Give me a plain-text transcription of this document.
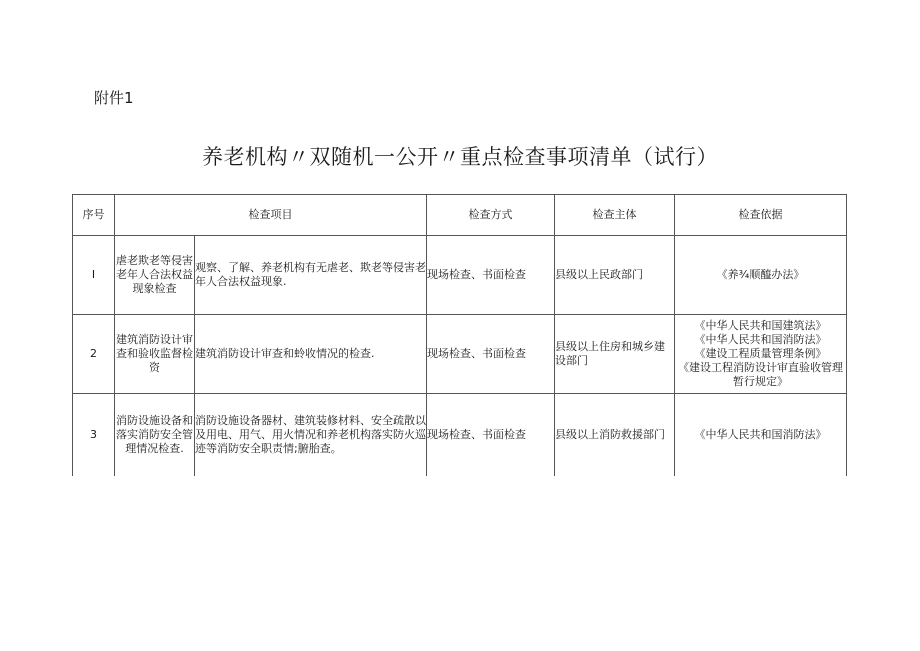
附件1
养老机构〃双随机一公开〃重点检查事项清单（试行）
序号	检查项目		检查方式	检查主体	检查依据
I	虐老欺老等侵害老年人合法权益现象检查	观察、了解、养老机构有无虐老、欺老等侵害老年人合法权益现象.	现场检查、书面检查	县级以上民政部门	《养¾顺醯办法》

2	建筑消防设计审查和验收监督检资	建筑消防设计审查和蛉收情况的检查.	现场检查、书面检查	县级以上住房和城乡建设部门	《中华人民共和国建筑法》
《中华人民共和国消防法》
《建设工程质量管理条例》
《建设工程消防设计审直验收管理暂行规定》

3	消防设施设备和落实消防安全管理情况检查.	消防设施设备器材、建筑装修材料、安全疏散以及用电、用气、用火情况和养老机构落实防火巡迹等消防安全职责情;腑胎查。	现场检查、书面检查	县级以上消防救援部门	《中华人民共和国消防法》
